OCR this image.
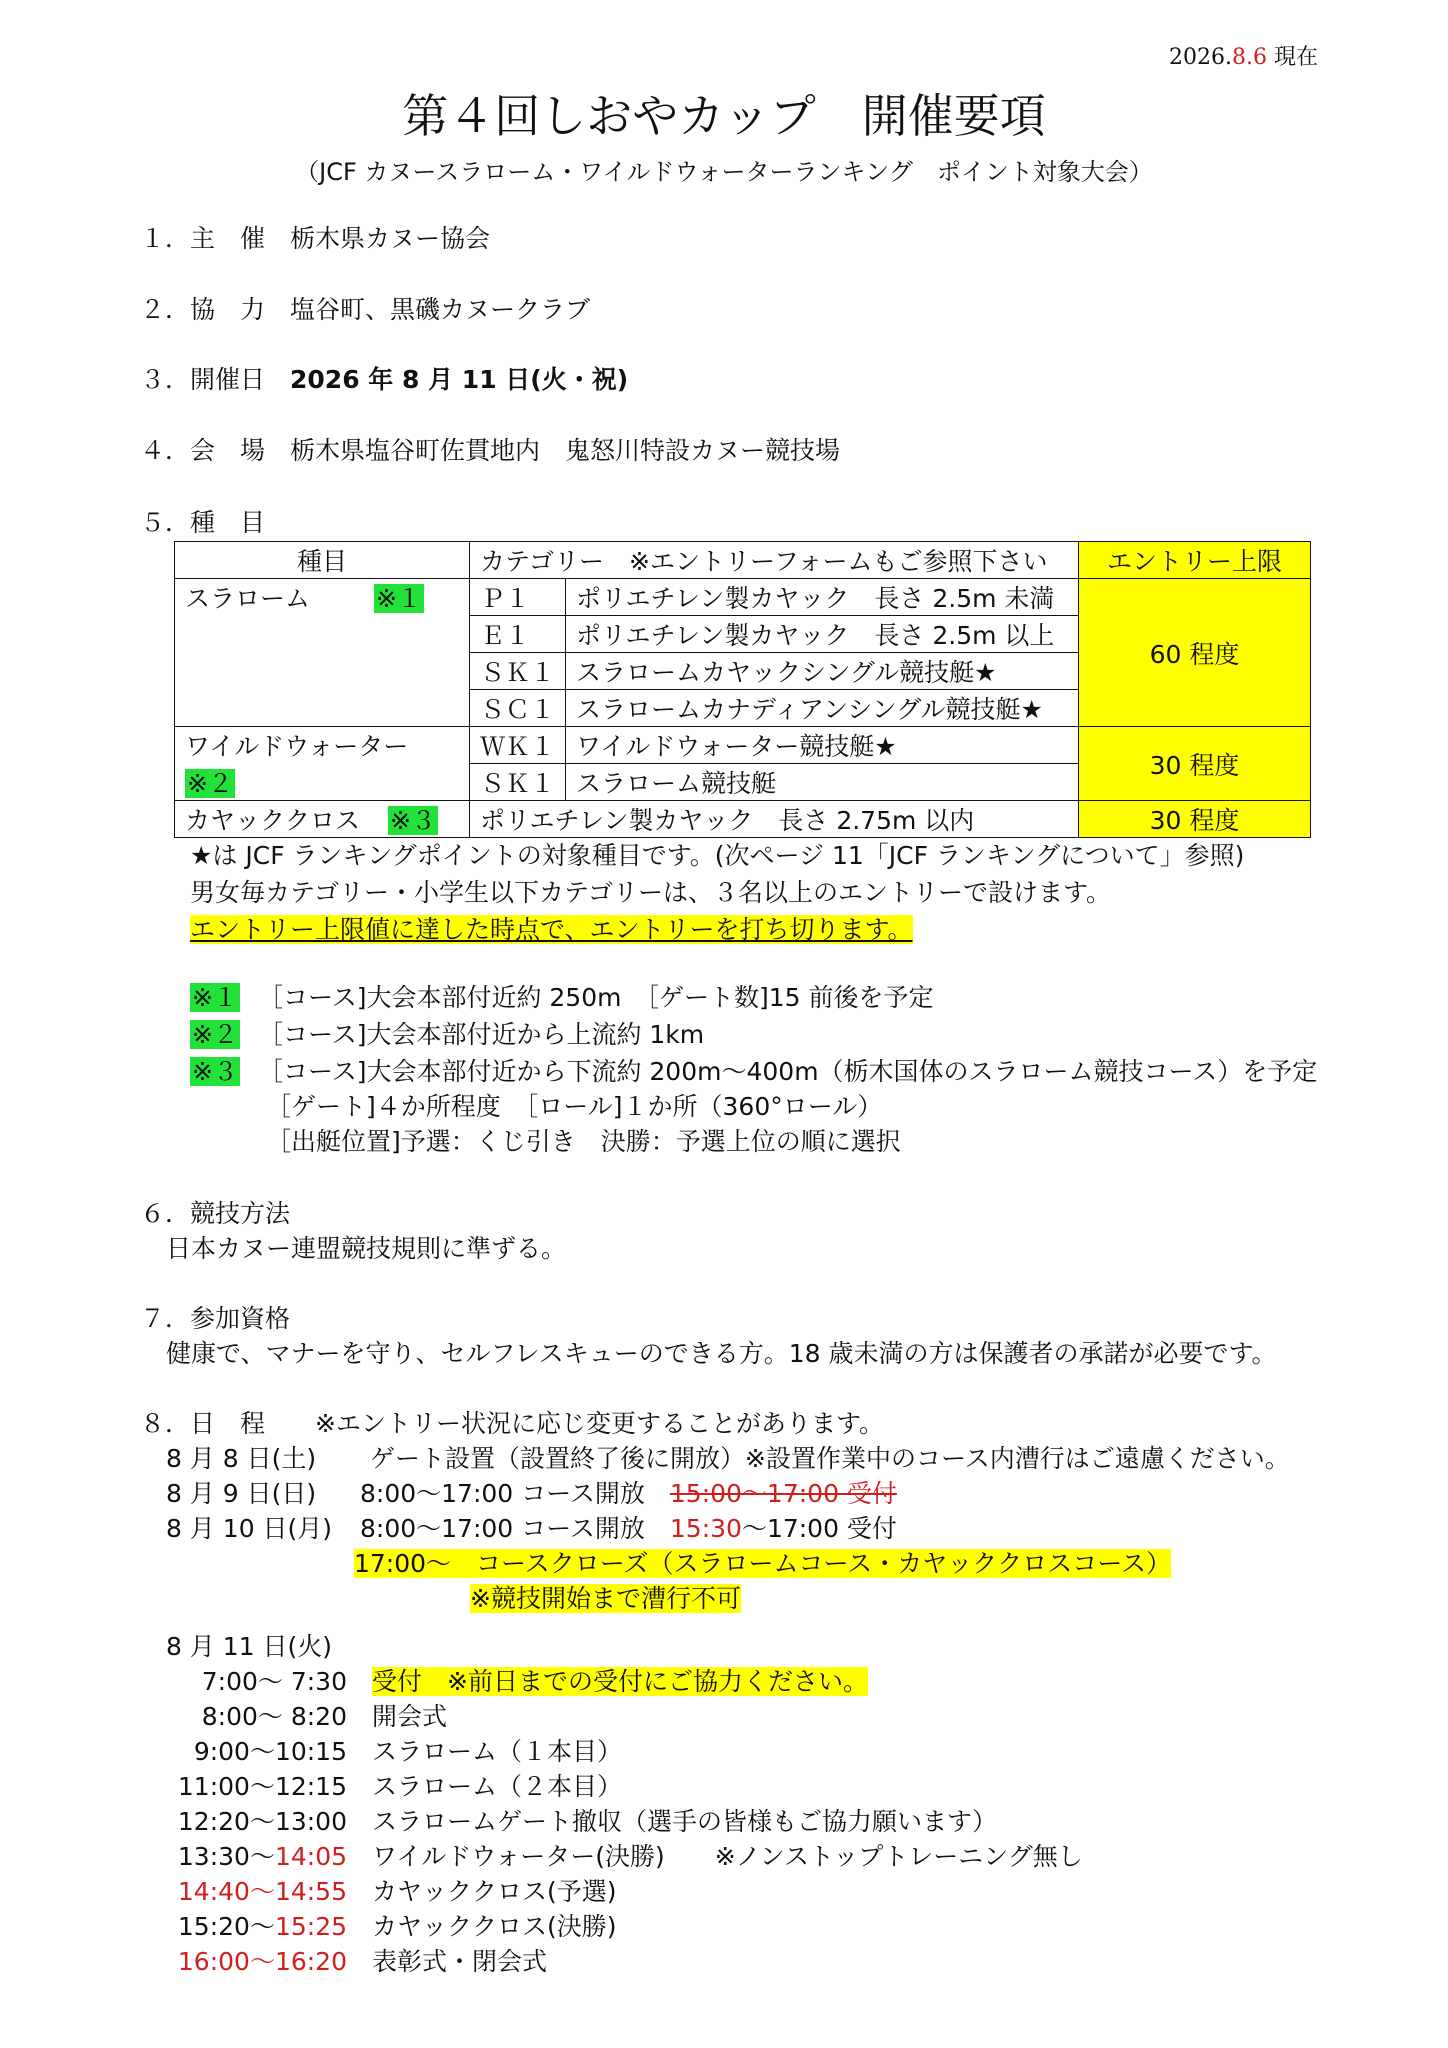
2026.8.6 現在
第４回しおやカップ　開催要項
（JCF カヌースラローム・ワイルドウォーターランキング　ポイント対象大会）
１．主　催　栃木県カヌー協会
２．協　力　塩谷町、黒磯カヌークラブ
３．開催日　2026 年 8 月 11 日(火・祝)
４．会　場　栃木県塩谷町佐貫地内　鬼怒川特設カヌー競技場
５．種　目
種目	カテゴリー　※エントリーフォームもご参照下さい		エントリー上限
スラローム ※１	Ｐ１	ポリエチレン製カヤック　長さ 2.5m 未満	60 程度
	Ｅ１	ポリエチレン製カヤック　長さ 2.5m 以上	
	ＳＫ１	スラロームカヤックシングル競技艇★	
	ＳＣ１	スラロームカナディアンシングル競技艇★	
ワイルドウォーター	ＷＫ１	ワイルドウォーター競技艇★	30 程度
※２	ＳＫ１	スラローム競技艇	
カヤッククロス ※３	ポリエチレン製カヤック　長さ 2.75m 以内		30 程度
★は JCF ランキングポイントの対象種目です。(次ページ 11「JCF ランキングについて」参照)
男女毎カテゴリー・小学生以下カテゴリーは、３名以上のエントリーで設けます。
エントリー上限値に達した時点で、エントリーを打ち切ります。
※１ ［コース]大会本部付近約 250m　［ゲート数]15 前後を予定
※２ ［コース]大会本部付近から上流約 1km
※３ ［コース]大会本部付近から下流約 200m～400m（栃木国体のスラローム競技コース）を予定
［ゲート]４か所程度　［ロール]１か所（360°ロール）
［出艇位置]予選：くじ引き　決勝：予選上位の順に選択
６．競技方法
日本カヌー連盟競技規則に準ずる。
７．参加資格
健康で、マナーを守り、セルフレスキューのできる方。18 歳未満の方は保護者の承諾が必要です。
８．日　程　　※エントリー状況に応じ変更することがあります。
8 月 8 日(土) ゲート設置（設置終了後に開放）※設置作業中のコース内漕行はご遠慮ください。
8 月 9 日(日) 8:00～17:00 コース開放　15:00～17:00 受付
8 月 10 日(月) 8:00～17:00 コース開放　15:30～17:00 受付
17:00～　コースクローズ（スラロームコース・カヤッククロスコース）
※競技開始まで漕行不可
8 月 11 日(火)
7:00～ 7:30 受付　※前日までの受付にご協力ください。
8:00～ 8:20 開会式
9:00～10:15 スラローム（１本目）
11:00～12:15 スラローム（２本目）
12:20～13:00 スラロームゲート撤収（選手の皆様もご協力願います）
13:30～14:05 ワイルドウォーター(決勝)　　※ノンストップトレーニング無し
14:40～14:55 カヤッククロス(予選)
15:20～15:25 カヤッククロス(決勝)
16:00～16:20 表彰式・閉会式
